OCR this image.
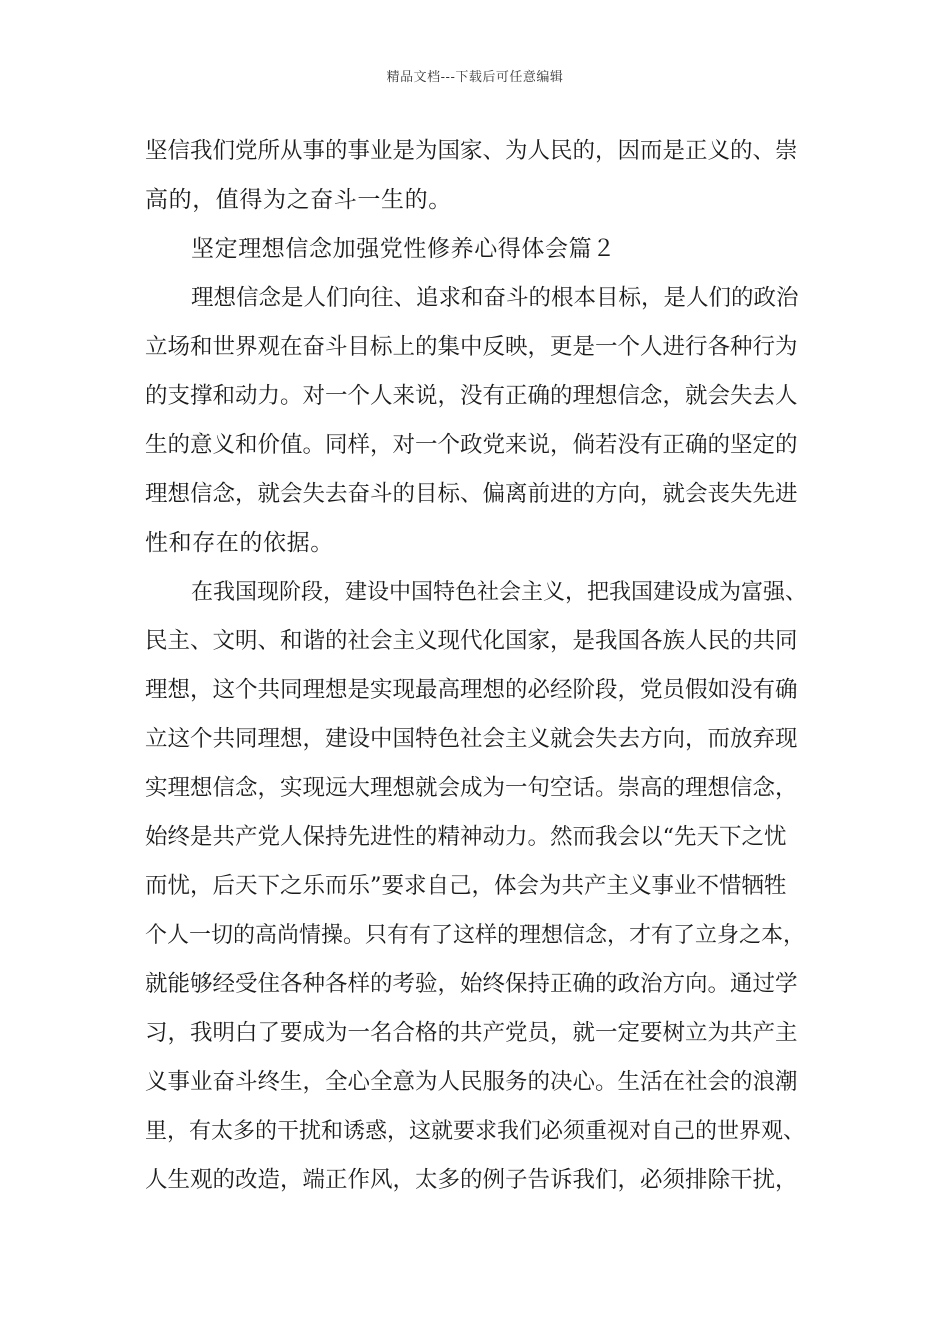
精品文档---下载后可任意编辑
坚信我们党所从事的事业是为国家、为人民的，因而是正义的、崇
高的，值得为之奋斗一生的。
坚定理想信念加强党性修养心得体会篇２
理想信念是人们向往、追求和奋斗的根本目标，是人们的政治
立场和世界观在奋斗目标上的集中反映，更是一个人进行各种行为
的支撑和动力。对一个人来说，没有正确的理想信念，就会失去人
生的意义和价值。同样，对一个政党来说，倘若没有正确的坚定的
理想信念，就会失去奋斗的目标、偏离前进的方向，就会丧失先进
性和存在的依据。
在我国现阶段，建设中国特色社会主义，把我国建设成为富强、
民主、文明、和谐的社会主义现代化国家，是我国各族人民的共同
理想，这个共同理想是实现最高理想的必经阶段，党员假如没有确
立这个共同理想，建设中国特色社会主义就会失去方向，而放弃现
实理想信念，实现远大理想就会成为一句空话。崇高的理想信念，
始终是共产党人保持先进性的精神动力。然而我会以“先天下之忧
而忧，后天下之乐而乐”要求自己，体会为共产主义事业不惜牺牲
个人一切的高尚情操。只有有了这样的理想信念，才有了立身之本，
就能够经受住各种各样的考验，始终保持正确的政治方向。通过学
习，我明白了要成为一名合格的共产党员，就一定要树立为共产主
义事业奋斗终生，全心全意为人民服务的决心。生活在社会的浪潮
里，有太多的干扰和诱惑，这就要求我们必须重视对自己的世界观、
人生观的改造，端正作风，太多的例子告诉我们，必须排除干扰，
